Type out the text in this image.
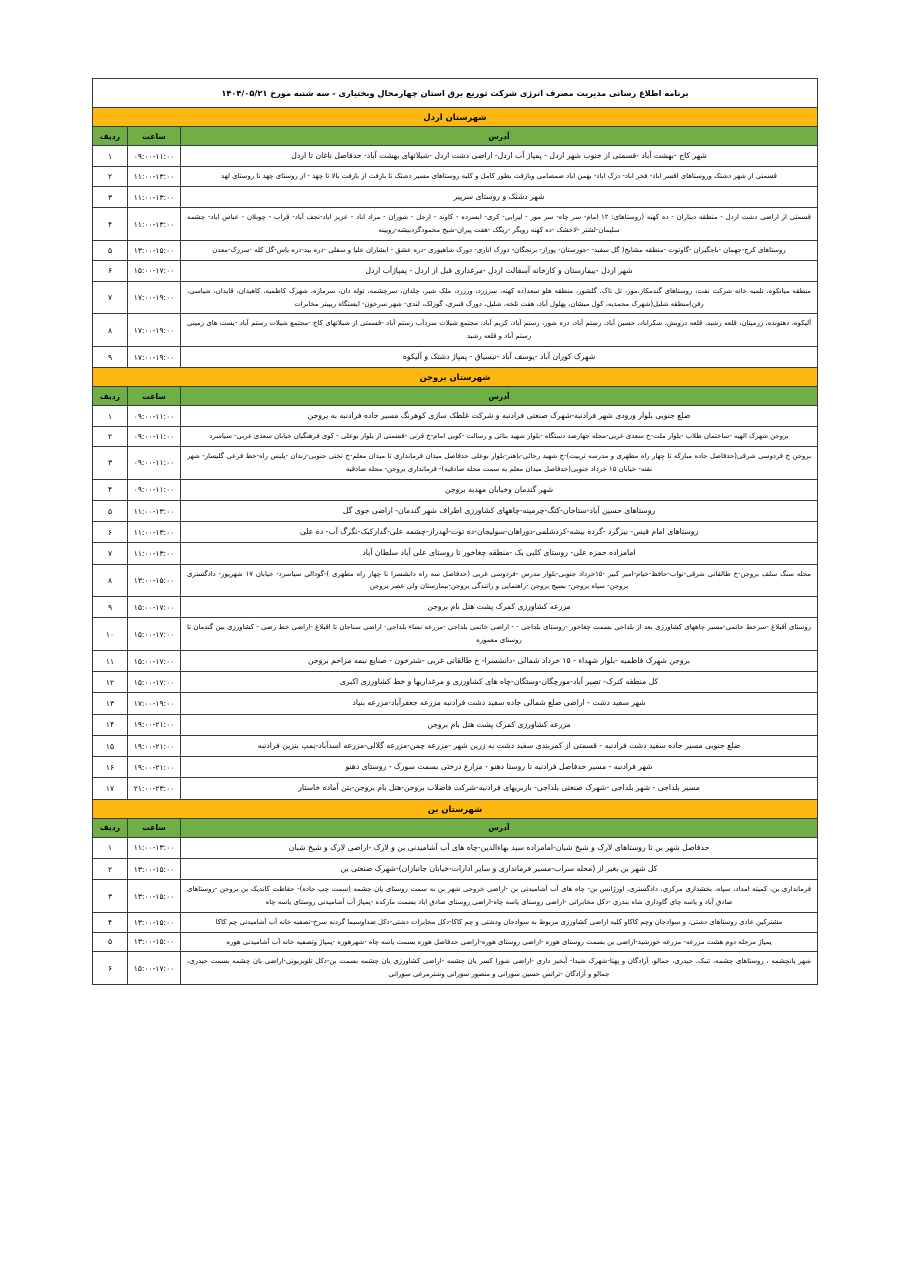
برنامه اطلاع رسانی مدیریت مصرف انرژی شرکت توزیع برق استان چهارمحال وبختیاری - سه شنبه مورخ ۱۴۰۴/۰۵/۲۱		
شهرستان اردل		
آدرس	ساعت	ردیف
شهر کاج -بهشت آباد -قسمتی از جنوب شهر اردل - پمپاژ آب اردل- اراضی دشت اردل -شیلاتهای بهشت آباد- حدفاصل ناغان تا اردل	۰۹:۰۰-۱۱:۰۰	۱
قسمتی از شهر دشتک وروستاهای اقسر اباد- فخر اباد- دزک اباد- بهمن اباد صمصامی وبازفت بطور کامل و کلیه روستاهای مسیر دشتک تا بازفت از بازفت بالا تا چهد - از روستای چهد تا روستای لهد	۱۱:۰۰-۱۳:۰۰	۲
شهر دشتک و روستای سرپیر	۱۱:۰۰-۱۳:۰۰	۳
قسمتی از اراضی دشت اردل - منطقه دیناران - ده کهنه (روستاهای: ۱۲ امام- سر چاه- سر مور - لیرابی- کری- ابسرده - کاوند - ارجل - شوران - مراد اباد - عزیز اباد-نجف آباد- قراب - چوبلان - عباس اباد- چشمه سلیمان-لشتر -لاخشک -ده کهنه رویگر -ریگک -هفت پیران-شیخ محمودگردبیشه-رویینه	۱۱:۰۰-۱۳:۰۰	۴
روستاهای کرج-جهمان -باجگیران -گاوتوت -منطقه مشایخ( گل سفید- -جوزستان- پوراز- برنجگان- دورک اناری- دورک شاهپوری -دره عشق - ابشاران علیا و سفلی -دره بید-دره یاس-گل کله -سررک-معدن	۱۳:۰۰-۱۵:۰۰	۵
شهر اردل -بیمارستان و کارخانه آسفالت اردل -مرغداری قبل از اردل - پمپاژآب اردل	۱۵:۰۰-۱۷:۰۰	۶
منطقه میانکوه، تلمبه خانه شرکت نفت، روستاهای گندمکار،مور، تل تاک، گلشور، منطقه هلو سعد(ده کهنه، سرزرد، ورزرد، ملک شیر، چلدان، سرچشمه، توله دان، سرمازه، شهرک کاظمیه، کاهیدان، قایدان، شیاسی، رفن)منطقه شلیل(شهرک محمدیه، کول میشان، پهلول آباد، هفت تلخه، شلیل، دورک قنبری، گوزلک، لندی- شهر سرخون- ایستگاه ریپیتر مخابرات	۱۷:۰۰-۱۹:۰۰	۷
آلیکوه، دهتونده، زرمیتان، قلعه رشید، قلعه درویش، شکراباد، حسین آباد، رستم آباد، دره شور، رستم آباد، کریم آباد، مجتمع شیلات سردآب رستم آباد -قسمتی از شیلاتهای کاج -مجتمع شیلات رستم آباد -پست های زمینی رستم آباد و قلعه رشید	۱۷:۰۰-۱۹:۰۰	۸
شهرک کوران آباد -یوسف آباد -نیسیاق - پمپاژ دشتک و آلیکوه	۱۷:۰۰-۱۹:۰۰	۹
شهرستان بروجن		
آدرس	ساعت	ردیف
ضلع جنوبی بلوار ورودی شهر فرادنبه-شهرک صنعتی فرادنبه و شرکت غلطک سازی کوهرنگ مسیر جاده فرادنبه به بروجن	۰۹:۰۰-۱۱:۰۰	۱
بروجن شهرک الهیه -ساختمان طلاب -بلوار ملت-خ سعدی غربی-محله جهارصد دستگاه -بلوار شهید بنائی و رسالت -کویی امام-خ قرنی -قسمتی از بلوار بوعلی - کوی فرهنگیان خیابان سعدی غربی- سیاسرد	۰۹:۰۰-۱۱:۰۰	۲
بروجن خ فردوسی شرقی(حدفاصل جاده مبارکه تا چهار راه مطهری و مدرسه تربیت)-خ شهید رجائی-باهنر-بلوار بوعلی حدفاصل میدان فرمانداری تا میدان معلم-خ تختی جنوبی-زندان -پلیس راه-خط فرعی گلیسار- شهر نقنه- خیابان ۱۵ خرداد جنوبی(حدفاصل میدان معلم به سمت محله صادقیه)- فرمانداری بروجن- محله صادقیه	۰۹:۰۰-۱۱:۰۰	۳
شهر گندمان وخیابان مهدیه بروجن	۰۹:۰۰-۱۱:۰۰	۴
روستاهای حسین آباد-ستاجان-کنگ-چرمینه-چاههای کشاورزی اطراف شهر گندمان- اراضی جوی گل	۱۱:۰۰-۱۳:۰۰	۵
روستاهای امام قیس- بیزگرد -گرده بیشه-کردشلمی-دوراهان-سولیجان-ده توت-لهدراز-چشمه علی-گدارکبک-نگرگ آب- ده علی	۱۱:۰۰-۱۳:۰۰	۶
امامزاده حمزه علی- روستای کلبی یک -منطقه چغاخور تا روستای علی آباد سلطان آباد	۱۱:۰۰-۱۳:۰۰	۷
محله سنگ سلف بروجن-خ طالقانی شرقی-نواب-حافظ-خیام-امیر کبیر -۱۵خرداد جنوبی-بلوار مدرس -فردوسی غربی (حدفاصل سه راه دانشسرا تا چهار راه مطهری )-گودالی سیاسرد- خیابان ۱۷ شهریور- دادگستری بروجن- سپاه بروجن- بسیج بروجن -راهنمایی و رانندگی بروجن-بیمارستان ولی عصر بروجن	۱۳:۰۰-۱۵:۰۰	۸
مزرعه کشاورزی کمرک پشت هتل بام بروجن	۱۵:۰۰-۱۷:۰۰	۹
روستای آقبلاغ -سرخط حاتمی-مسیر چاههای کشاورزی بعد از بلداجی بسمت چغاخور -روستای بلداجی - - اراضی خاتمی بلداجی -مزرعه نساء بلداجی- اراضی سناجان تا اقبلاغ -اراضی خط رضی - کشاورزی بین گندمان تا روستای معموره	۱۵:۰۰-۱۷:۰۰	۱۰
بروجن شهرک فاطمیه -بلوار شهداء - ۱۵ خرداد شمالی -دانشسرا- خ طالقانی غربی -شترخون - صنایع نیمه مزاحم بروجن	۱۵:۰۰-۱۷:۰۰	۱۱
کل منطقه کنرک- تصیر آباد-مورچگان-وستگان-چاه های کشاورزی و مرغداریها و خط کشاورزی اکبری	۱۵:۰۰-۱۷:۰۰	۱۲
شهر سفید دشت - اراضی ضلع شمالی جاده سفید دشت فرادنبه مزرعه جعفرآباد-مزرعه بنیاد	۱۷:۰۰-۱۹:۰۰	۱۳
مزرعه کشاورزی کمرک پشت هتل بام بروجن	۱۹:۰۰-۲۱:۰۰	۱۴
ضلع جنوبی مسیر جاده سفید دشت فرادنبه - قسمتی از کمربندی سفید دشت به زرین شهر -مزرعه چمن-مزرعه گلالی-مزرعه اسدآباد-پمپ بنزین فرادنبه	۱۹:۰۰-۲۱:۰۰	۱۵
شهر فرادنبه - مسیر حدفاصل فرادنبه تا روستا دهنو - مزارع درختی بسمت سورک - روستای دهنو	۱۹:۰۰-۲۱:۰۰	۱۶
مسیر بلداجی - شهر بلداجی -شهرک صنعتی بلداجی- باربریهای فرادنبه-شرکت فاضلاب بروجن-هتل بام بروجن-بتن آماده خاستار	۲۱:۰۰-۲۳:۰۰	۱۷
شهرستان بن		
آدرس	ساعت	ردیف
حدفاصل شهر بن تا روستاهای لارک و شیخ شبان-امامزاده سید بهاءالدین-چاه های آب آشامیدنی بن و لارک -اراضی لارک و شیخ شبان	۱۱:۰۰-۱۳:۰۰	۱
کل شهر بن بغیر از (محله سراب-مسیر فرمانداری و سایر ادارات-خیابان جانبازان)-شهرک صنعتی بن	۱۳:۰۰-۱۵:۰۰	۲
فرمانداری بن، کمیته امداد، سپاه، بخشداری مرکزی، دادگستری، اورژانس بن- چاه های آب آشامیدنی بن -اراضی خروجی شهر بن به سمت روستای یان چشمه (سمت چپ جاده)- حفاظت کاندیک بن بروجن -روستاهای صادق آباد و یاسه چای گاوداری شاه بندری -دکل مخابراتی -اراضی روستای یاسه چاه-اراضی روستای صادق اباد بسمت مارکده -پمپاژ آب آشامیدنی روستای یاسه چاه	۱۳:۰۰-۱۵:۰۰	۳
مشترکین عادی روستاهای دشتی، و سوادجان وچم کاکاو کلیه اراضی کشاورزی مربوط به سوادجان ودشتی و چم کاکا-دکل مخابرات دشتی-دکل صداوسیما گردنه سرخ-تصفیه خانه آب آشامیدنی چم کاکا	۱۳:۰۰-۱۵:۰۰	۴
پمپاژ مرحله دوم هشت مزرعه- مزرعه خورشید-اراضی بن بسمت روستای هوره -اراضی روستای هوره-اراضی حدفاصل هوره بسمت یاسه چاه -شهرهوره -پمپاژ وتصفیه خانه آب آشامیدنی هوره	۱۳:۰۰-۱۵:۰۰	۵
شهر یانچشمه ، روستاهای چشمه، تنبک، حیدری، جمالو، آزادگان و پهنا-شهرک شیدا- آبخیز داری -اراضی شورا کسر یان چشمه -اراضی کشاورزی یان چشمه بسمت بن-دکل تلویزیونی-اراضی یان چشمه بسمت حیدری، جمالو و آزادگان -تراتس حسین سورانی و منصور سورانی وشترمرغی سورانی	۱۵:۰۰-۱۷:۰۰	۶
